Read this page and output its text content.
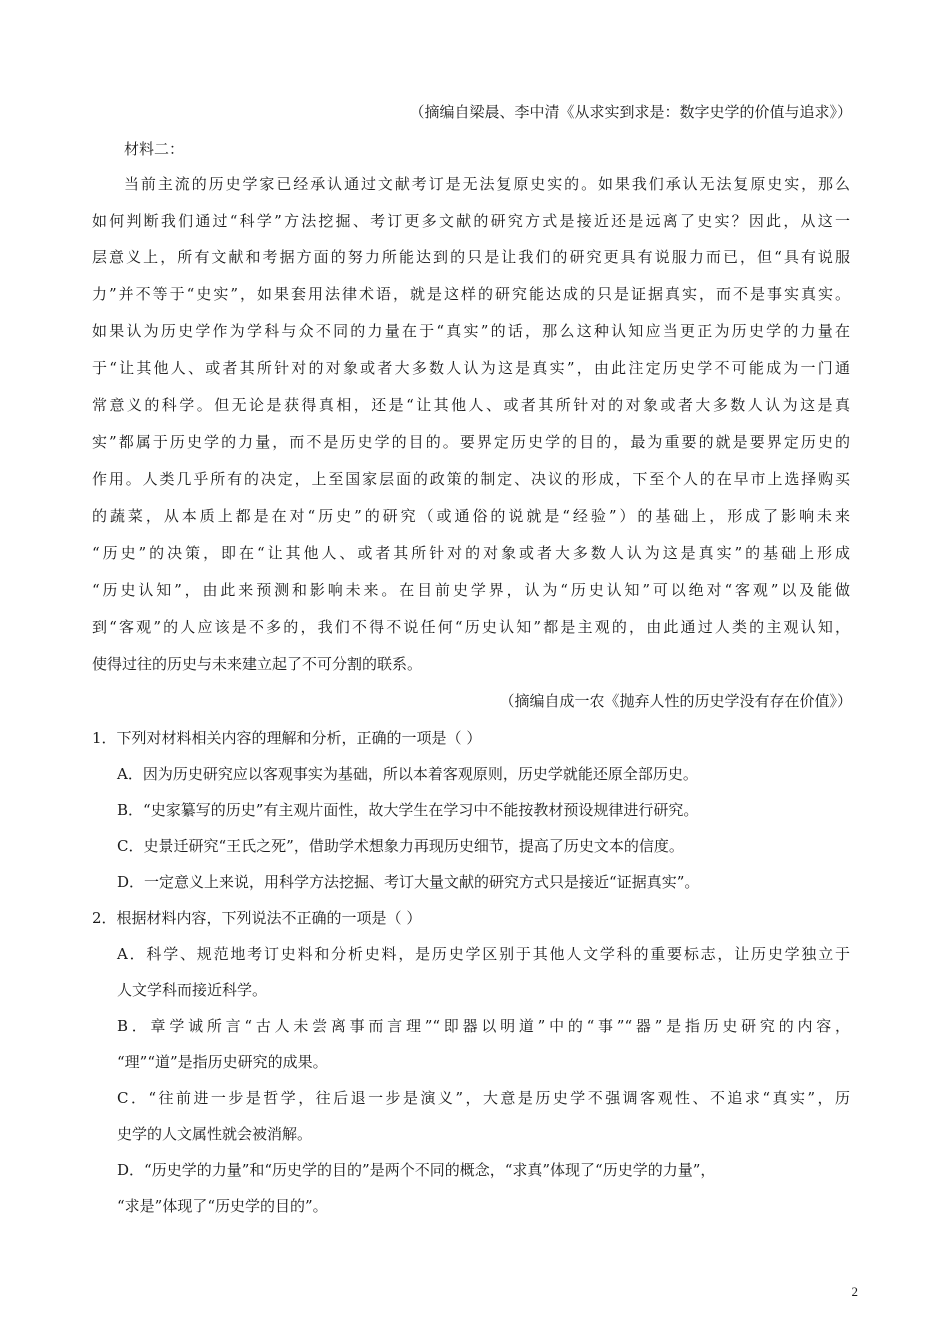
（摘编自梁晨、李中清《从求实到求是：数字史学的价值与追求》）
材料二：
当前主流的历史学家已经承认通过文献考订是无法复原史实的。如果我们承认无法复原史实，那么
如何判断我们通过“科学”方法挖掘、考订更多文献的研究方式是接近还是远离了史实？因此，从这一
层意义上，所有文献和考据方面的努力所能达到的只是让我们的研究更具有说服力而已，但“具有说服
力”并不等于“史实”，如果套用法律术语，就是这样的研究能达成的只是证据真实，而不是事实真实。
如果认为历史学作为学科与众不同的力量在于“真实”的话，那么这种认知应当更正为历史学的力量在
于“让其他人、或者其所针对的对象或者大多数人认为这是真实”，由此注定历史学不可能成为一门通
常意义的科学。但无论是获得真相，还是“让其他人、或者其所针对的对象或者大多数人认为这是真
实”都属于历史学的力量，而不是历史学的目的。要界定历史学的目的，最为重要的就是要界定历史的
作用。人类几乎所有的决定，上至国家层面的政策的制定、决议的形成，下至个人的在早市上选择购买
的蔬菜，从本质上都是在对“历史”的研究（或通俗的说就是“经验”）的基础上，形成了影响未来
“历史”的决策，即在“让其他人、或者其所针对的对象或者大多数人认为这是真实”的基础上形成
“历史认知”，由此来预测和影响未来。在目前史学界，认为“历史认知”可以绝对“客观”以及能做
到“客观”的人应该是不多的，我们不得不说任何“历史认知”都是主观的，由此通过人类的主观认知，
使得过往的历史与未来建立起了不可分割的联系。
（摘编自成一农《抛弃人性的历史学没有存在价值》）
1．下列对材料相关内容的理解和分析，正确的一项是（ ）
A．因为历史研究应以客观事实为基础，所以本着客观原则，历史学就能还原全部历史。
B．“史家纂写的历史”有主观片面性，故大学生在学习中不能按教材预设规律进行研究。
C．史景迁研究“王氏之死”，借助学术想象力再现历史细节，提高了历史文本的信度。
D．一定意义上来说，用科学方法挖掘、考订大量文献的研究方式只是接近“证据真实”。
2．根据材料内容，下列说法不正确的一项是（ ）
A．科学、规范地考订史料和分析史料，是历史学区别于其他人文学科的重要标志，让历史学独立于
人文学科而接近科学。
B．章学诚所言“古人未尝离事而言理”“即器以明道”中的“事”“器”是指历史研究的内容，
“理”“道”是指历史研究的成果。
C．“往前进一步是哲学，往后退一步是演义”，大意是历史学不强调客观性、不追求“真实”，历
史学的人文属性就会被消解。
D．“历史学的力量”和“历史学的目的”是两个不同的概念，“求真”体现了“历史学的力量”，
“求是”体现了“历史学的目的”。
2
